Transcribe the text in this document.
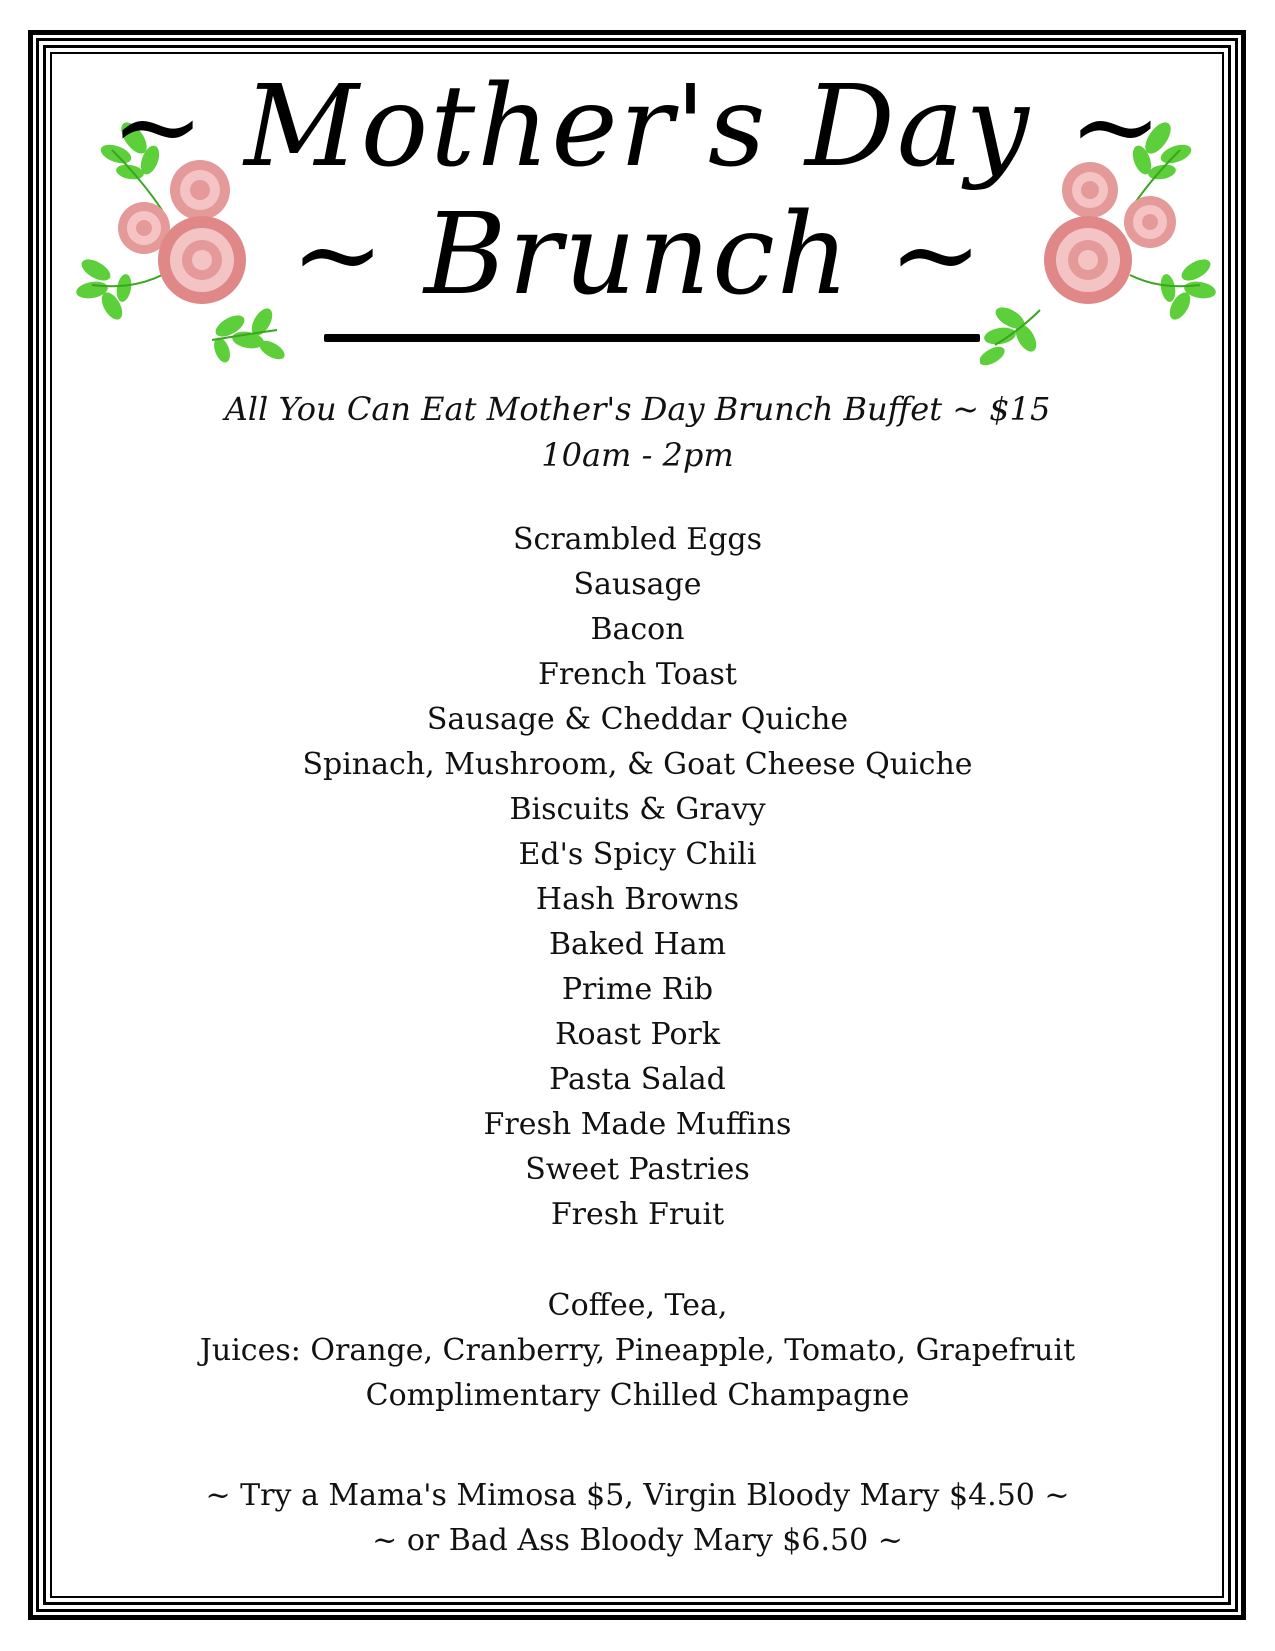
~ Mother's Day ~
~ Brunch ~
All You Can Eat Mother's Day Brunch Buffet ~ $15
10am - 2pm
Scrambled Eggs
Sausage
Bacon
French Toast
Sausage & Cheddar Quiche
Spinach, Mushroom, & Goat Cheese Quiche
Biscuits & Gravy
Ed's Spicy Chili
Hash Browns
Baked Ham
Prime Rib
Roast Pork
Pasta Salad
Fresh Made Muffins
Sweet Pastries
Fresh Fruit
Coffee, Tea,
Juices: Orange, Cranberry, Pineapple, Tomato, Grapefruit
Complimentary Chilled Champagne
~ Try a Mama's Mimosa $5, Virgin Bloody Mary $4.50 ~
~ or Bad Ass Bloody Mary $6.50 ~
